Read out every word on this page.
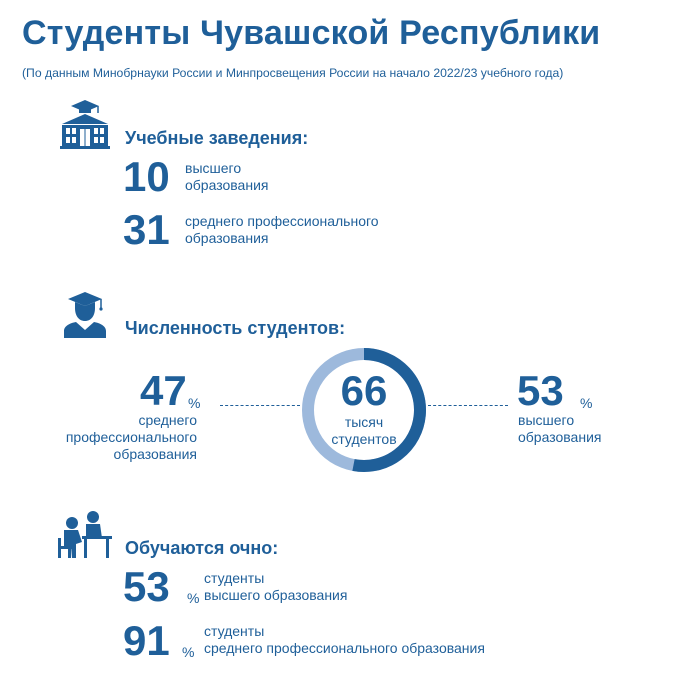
Студенты Чувашской Республики
(По данным Минобрнауки России и Минпросвещения России на начало 2022/23 учебного года)
Учебные заведения:
10 высшего
образования
31 среднего профессионального
образования
Численность студентов:
66
тысяч
студентов
47 %
среднего
профессионального
образования
53 %
высшего
образования
Обучаются очно:
53 %
студенты
высшего образования
91 %
студенты
среднего профессионального образования
